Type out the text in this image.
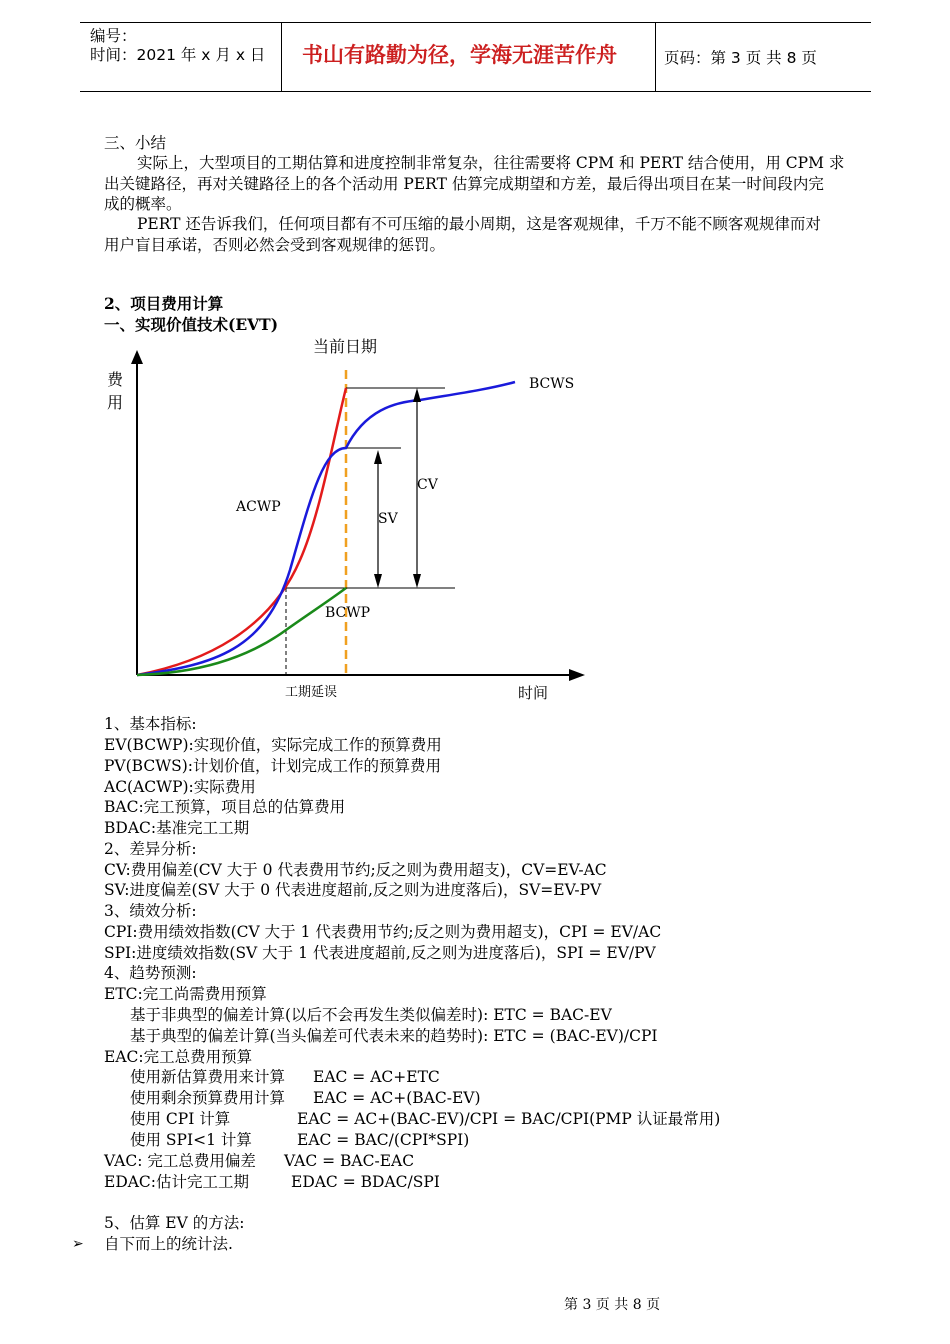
编号：
时间：2021 年 x 月 x 日 书山有路勤为径，学海无涯苦作舟	页码：第 3 页 共 8 页
三、小结
实际上，大型项目的工期估算和进度控制非常复杂，往往需要将 CPM 和 PERT 结合使用，用 CPM 求
出关键路径，再对关键路径上的各个活动用 PERT 估算完成期望和方差，最后得出项目在某一时间段内完
成的概率。
PERT 还告诉我们，任何项目都有不可压缩的最小周期，这是客观规律，千万不能不顾客观规律而对
用户盲目承诺，否则必然会受到客观规律的惩罚。
2、项目费用计算
一、实现价值技术(EVT)
当前日期
费
用
时间
工期延误
BCWS
ACWP
BCWP
CV
SV
1、基本指标:
EV(BCWP):实现价值，实际完成工作的预算费用
PV(BCWS):计划价值，计划完成工作的预算费用
AC(ACWP):实际费用
BAC:完工预算，项目总的估算费用
BDAC:基准完工工期
2、差异分析:
CV:费用偏差(CV 大于 0 代表费用节约;反之则为费用超支)，CV=EV-AC
SV:进度偏差(SV 大于 0 代表进度超前,反之则为进度落后)，SV=EV-PV
3、绩效分析:
CPI:费用绩效指数(CV 大于 1 代表费用节约;反之则为费用超支)，CPI = EV/AC
SPI:进度绩效指数(SV 大于 1 代表进度超前,反之则为进度落后)，SPI = EV/PV
4、趋势预测:
ETC:完工尚需费用预算
基于非典型的偏差计算(以后不会再发生类似偏差时): ETC = BAC-EV
基于典型的偏差计算(当头偏差可代表未来的趋势时): ETC = (BAC-EV)/CPI
EAC:完工总费用预算
使用新估算费用来计算 EAC = AC+ETC
使用剩余预算费用计算 EAC = AC+(BAC-EV)
使用 CPI 计算	EAC = AC+(BAC-EV)/CPI = BAC/CPI(PMP 认证最常用)
使用 SPI<1 计算	EAC = BAC/(CPI*SPI)
VAC: 完工总费用偏差 VAC = BAC-EAC
EDAC:估计完工工期	EDAC = BDAC/SPI
5、估算 EV 的方法:
➢ 自下而上的统计法.
第 3 页 共 8 页
